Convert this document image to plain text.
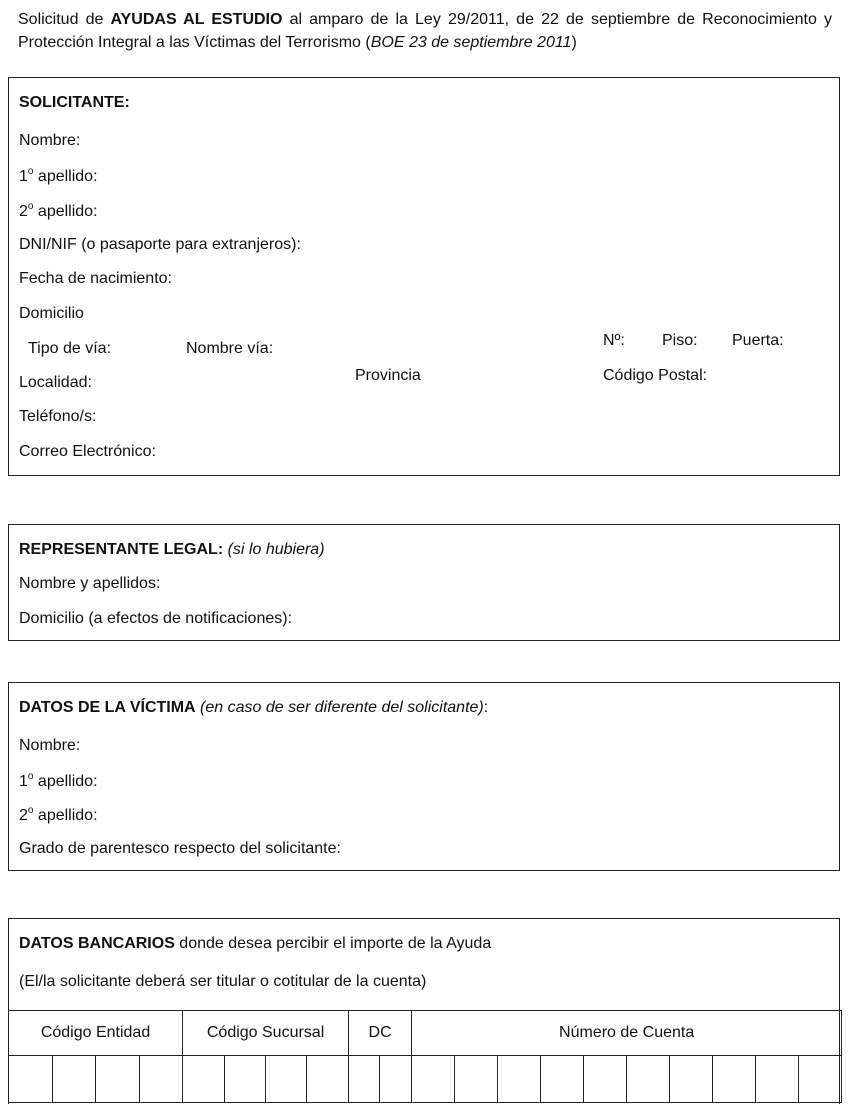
Solicitud de AYUDAS AL ESTUDIO al amparo de la Ley 29/2011, de 22 de septiembre de Reconocimiento y Protección Integral a las Víctimas del Terrorismo (BOE 23 de septiembre 2011)
SOLICITANTE:
Nombre:
1$^o$ apellido:
2$^o$ apellido:
DNI/NIF (o pasaporte para extranjeros):
Fecha de nacimiento:
Domicilio
Tipo de vía:	Nombre vía:	Nº: Piso: Puerta:
Localidad:	Provincia	Código Postal:
Teléfono/s:
Correo Electrónico:
REPRESENTANTE LEGAL: (si lo hubiera)
Nombre y apellidos:
Domicilio (a efectos de notificaciones):
DATOS DE LA VÍCTIMA (en caso de ser diferente del solicitante):
Nombre:
1$^o$ apellido:
2$^o$ apellido:
Grado de parentesco respecto del solicitante:
DATOS BANCARIOS donde desea percibir el importe de la Ayuda
(El/la solicitante deberá ser titular o cotitular de la cuenta)
Código Entidad				Código Sucursal				DC		Número de Cuenta									
